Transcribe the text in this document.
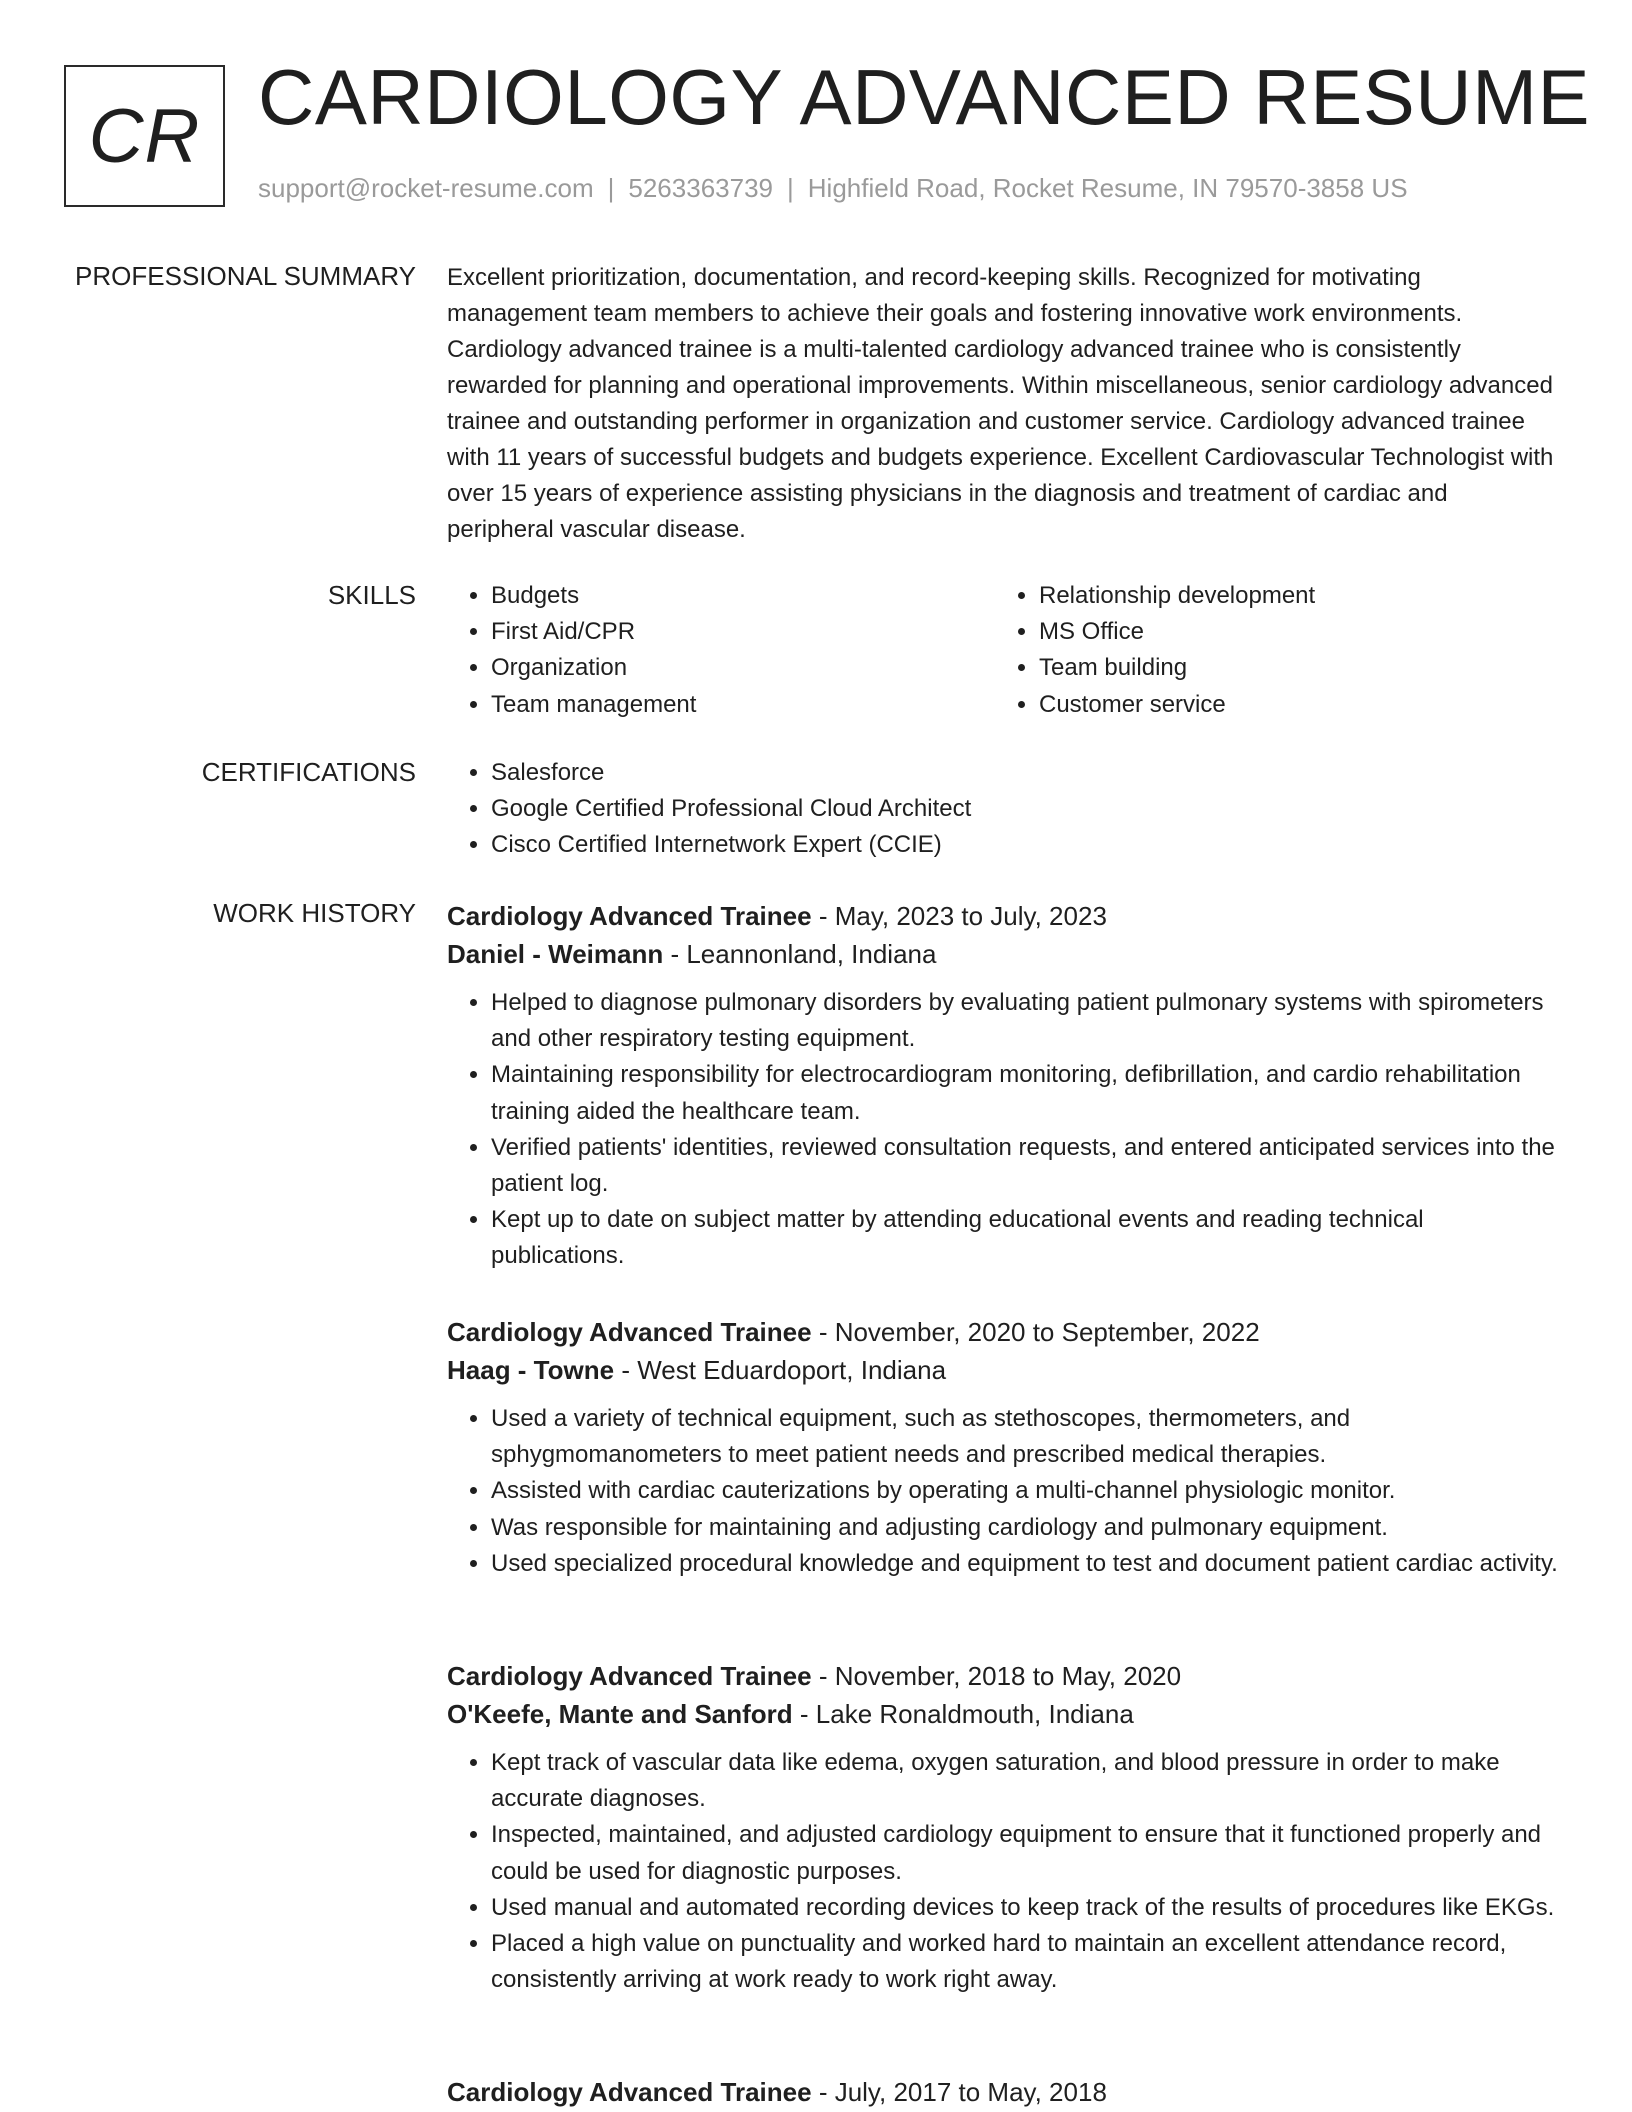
CR CARDIOLOGY ADVANCED RESUME
support@rocket-resume.com | 5263363739 | Highfield Road, Rocket Resume, IN 79570-3858 US
PROFESSIONAL SUMMARY Excellent prioritization, documentation, and record-keeping skills. Recognized for motivating management team members to achieve their goals and fostering innovative work environments. Cardiology advanced trainee is a multi-talented cardiology advanced trainee who is consistently rewarded for planning and operational improvements. Within miscellaneous, senior cardiology advanced trainee and outstanding performer in organization and customer service. Cardiology advanced trainee with 11 years of successful budgets and budgets experience. Excellent Cardiovascular Technologist with over 15 years of experience assisting physicians in the diagnosis and treatment of cardiac and peripheral vascular disease.
SKILLS	• Budgets
• First Aid/CPR
• Organization
• Team management
• Relationship development
• MS Office
• Team building
• Customer service
CERTIFICATIONS	• Salesforce
• Google Certified Professional Cloud Architect
• Cisco Certified Internetwork Expert (CCIE)
WORK HISTORY Cardiology Advanced Trainee - May, 2023 to July, 2023
Daniel - Weimann - Leannonland, Indiana
• Helped to diagnose pulmonary disorders by evaluating patient pulmonary systems with spirometers and other respiratory testing equipment.
• Maintaining responsibility for electrocardiogram monitoring, defibrillation, and cardio rehabilitation training aided the healthcare team.
• Verified patients' identities, reviewed consultation requests, and entered anticipated services into the patient log.
• Kept up to date on subject matter by attending educational events and reading technical publications.
Cardiology Advanced Trainee - November, 2020 to September, 2022
Haag - Towne - West Eduardoport, Indiana
• Used a variety of technical equipment, such as stethoscopes, thermometers, and sphygmomanometers to meet patient needs and prescribed medical therapies.
• Assisted with cardiac cauterizations by operating a multi-channel physiologic monitor.
• Was responsible for maintaining and adjusting cardiology and pulmonary equipment.
• Used specialized procedural knowledge and equipment to test and document patient cardiac activity.
Cardiology Advanced Trainee - November, 2018 to May, 2020
O'Keefe, Mante and Sanford - Lake Ronaldmouth, Indiana
• Kept track of vascular data like edema, oxygen saturation, and blood pressure in order to make accurate diagnoses.
• Inspected, maintained, and adjusted cardiology equipment to ensure that it functioned properly and could be used for diagnostic purposes.
• Used manual and automated recording devices to keep track of the results of procedures like EKGs.
• Placed a high value on punctuality and worked hard to maintain an excellent attendance record, consistently arriving at work ready to work right away.
Cardiology Advanced Trainee - July, 2017 to May, 2018
